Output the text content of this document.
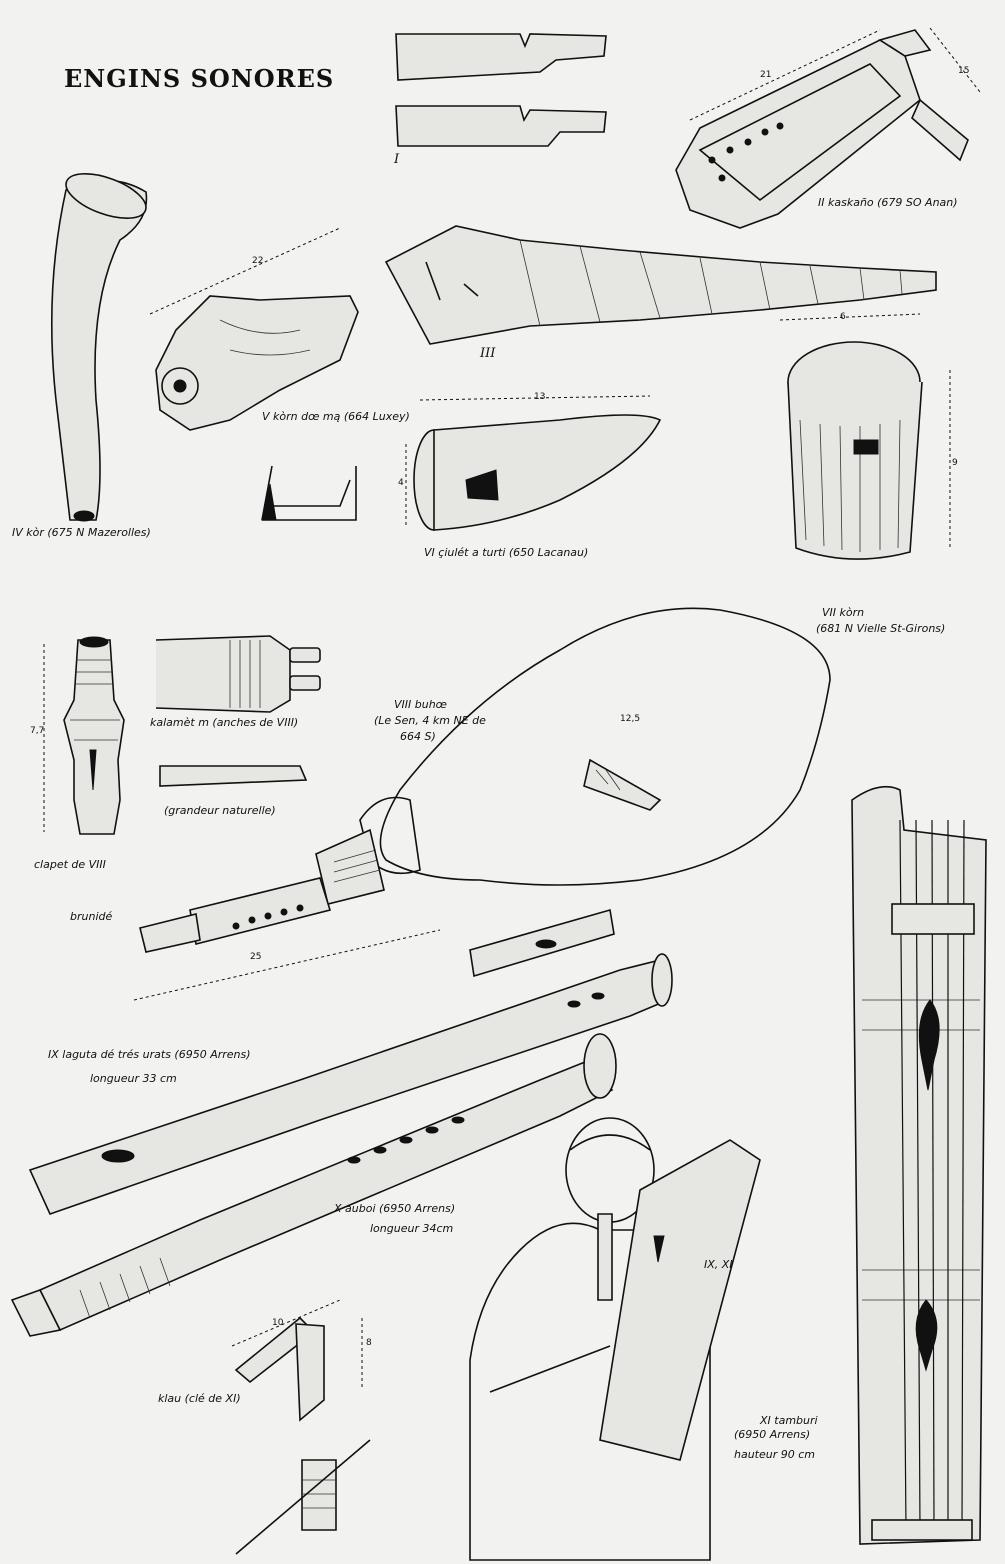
ENGINS SONORES
I
II kaskaño (679 SO Anan)
III
IV kòr (675 N Mazerolles)
V kòrn dœ mą (664 Luxey)
VI çiulét a turti (650 Lacanau)
VII kòrn
(681 N Vielle St-Girons)
VIII buhœ
(Le Sen, 4 km NE de
664 S)
kalamèt m (anches de VIII)
(grandeur naturelle)
clapet de VIII
brunidé
IX laguta dé trés urats (6950 Arrens)
longueur 33 cm
X auboi (6950 Arrens)
longueur 34cm
IX, XI
klau (clé de XI)
XI tamburi
(6950 Arrens)
hauteur 90 cm
21	15
22
6
13
4
9
7,7
12,5
25
10
8
